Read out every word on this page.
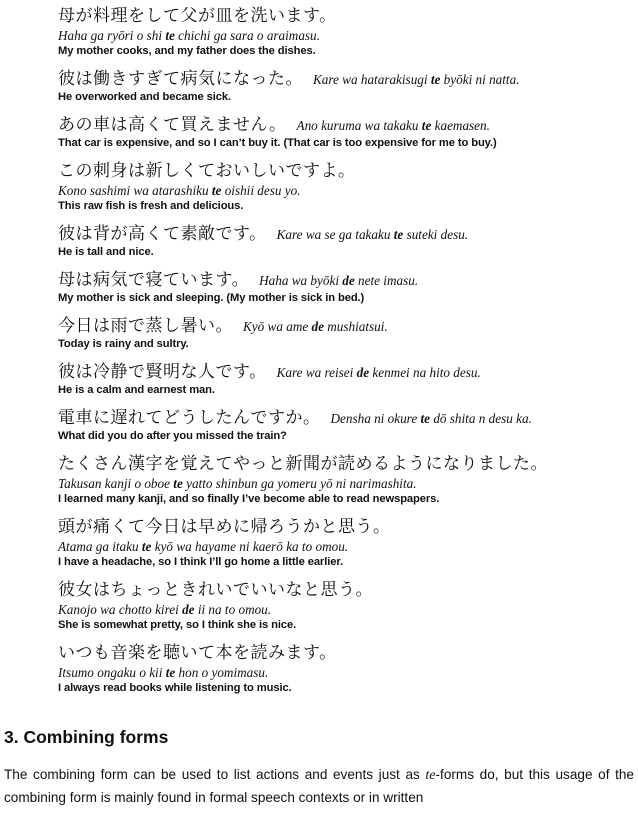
母が料理をして父が皿を洗います。
Haha ga ryōri o shi te chichi ga sara o araimasu.
My mother cooks, and my father does the dishes.
彼は働きすぎて病気になった。 Kare wa hatarakisugi te byōki ni natta.
He overworked and became sick.
あの車は高くて買えません。 Ano kuruma wa takaku te kaemasen.
That car is expensive, and so I can’t buy it. (That car is too expensive for me to buy.)
この刺身は新しくておいしいですよ。
Kono sashimi wa atarashiku te oishii desu yo.
This raw fish is fresh and delicious.
彼は背が高くて素敵です。 Kare wa se ga takaku te suteki desu.
He is tall and nice.
母は病気で寝ています。 Haha wa byōki de nete imasu.
My mother is sick and sleeping. (My mother is sick in bed.)
今日は雨で蒸し暑い。 Kyō wa ame de mushiatsui.
Today is rainy and sultry.
彼は冷静で賢明な人です。 Kare wa reisei de kenmei na hito desu.
He is a calm and earnest man.
電車に遅れてどうしたんですか。 Densha ni okure te dō shita n desu ka.
What did you do after you missed the train?
たくさん漢字を覚えてやっと新聞が読めるようになりました。
Takusan kanji o oboe te yatto shinbun ga yomeru yō ni narimashita.
I learned many kanji, and so finally I’ve become able to read newspapers.
頭が痛くて今日は早めに帰ろうかと思う。
Atama ga itaku te kyō wa hayame ni kaerō ka to omou.
I have a headache, so I think I’ll go home a little earlier.
彼女はちょっときれいでいいなと思う。
Kanojo wa chotto kirei de ii na to omou.
She is somewhat pretty, so I think she is nice.
いつも音楽を聴いて本を読みます。
Itsumo ongaku o kii te hon o yomimasu.
I always read books while listening to music.
3. Combining forms

The combining form can be used to list actions and events just as te-forms do, but this usage of the combining form is mainly found in formal speech contexts or in written
